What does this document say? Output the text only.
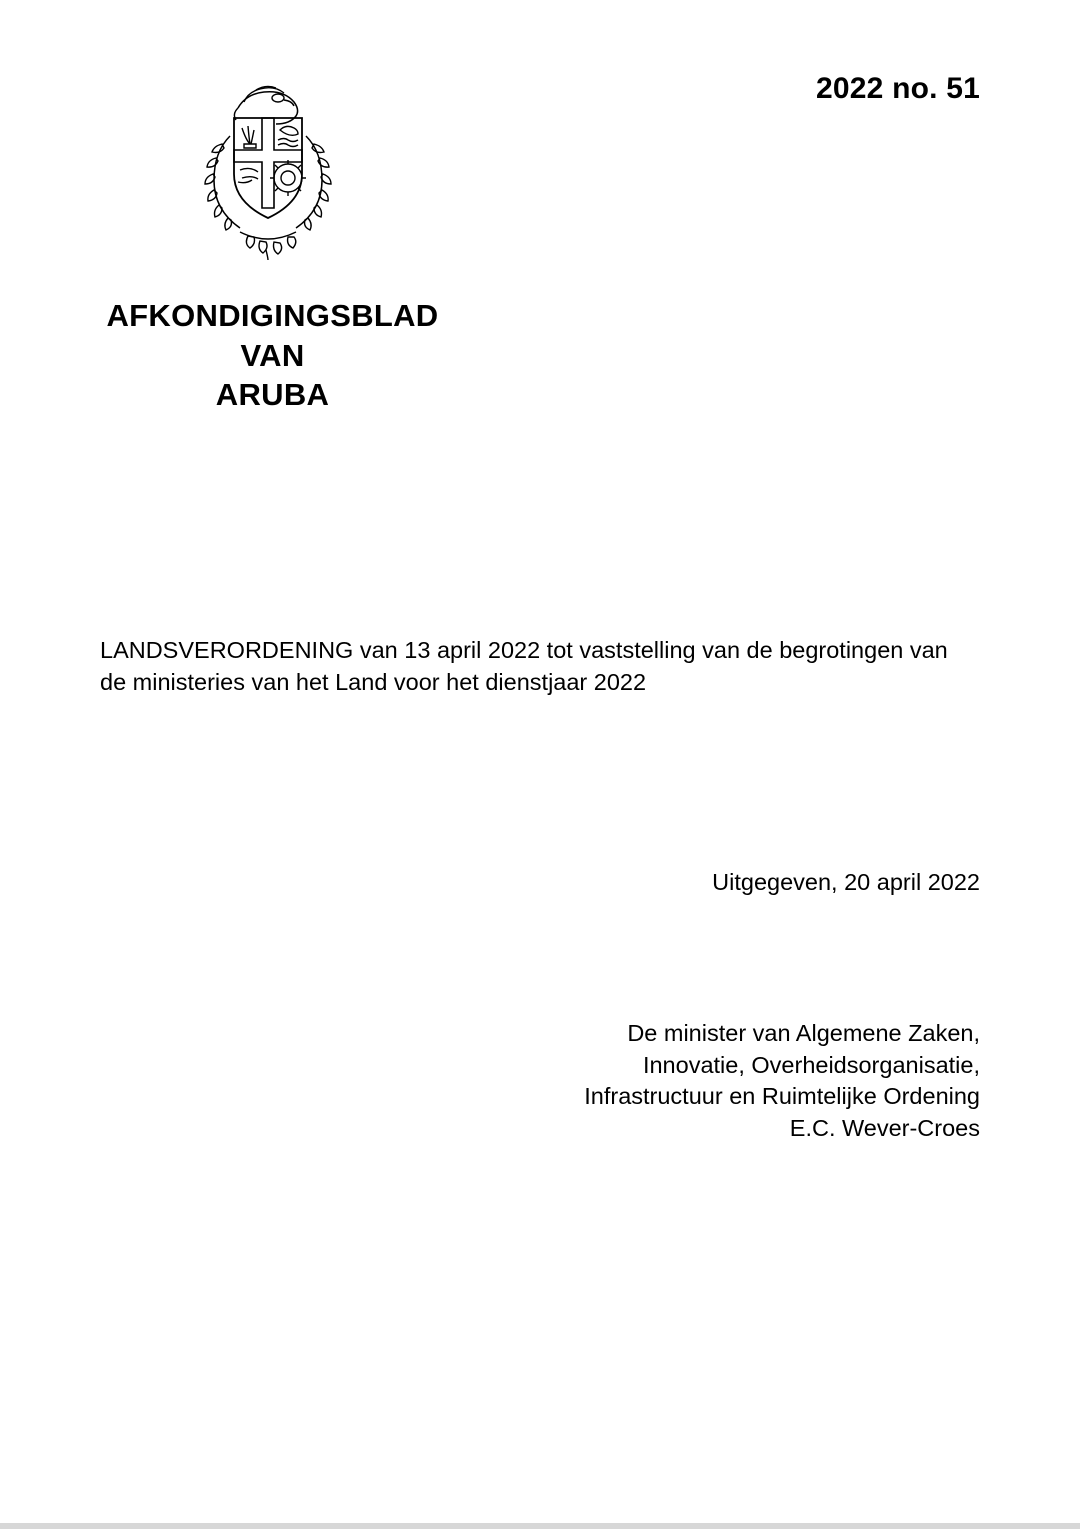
2022 no. 51
AFKONDIGINGSBLAD
VAN
ARUBA
LANDSVERORDENING van 13 april 2022 tot vaststelling van de begrotingen van de ministeries van het Land voor het dienstjaar 2022
Uitgegeven, 20 april 2022
De minister van Algemene Zaken,
Innovatie, Overheidsorganisatie,
Infrastructuur en Ruimtelijke Ordening
E.C. Wever-Croes
